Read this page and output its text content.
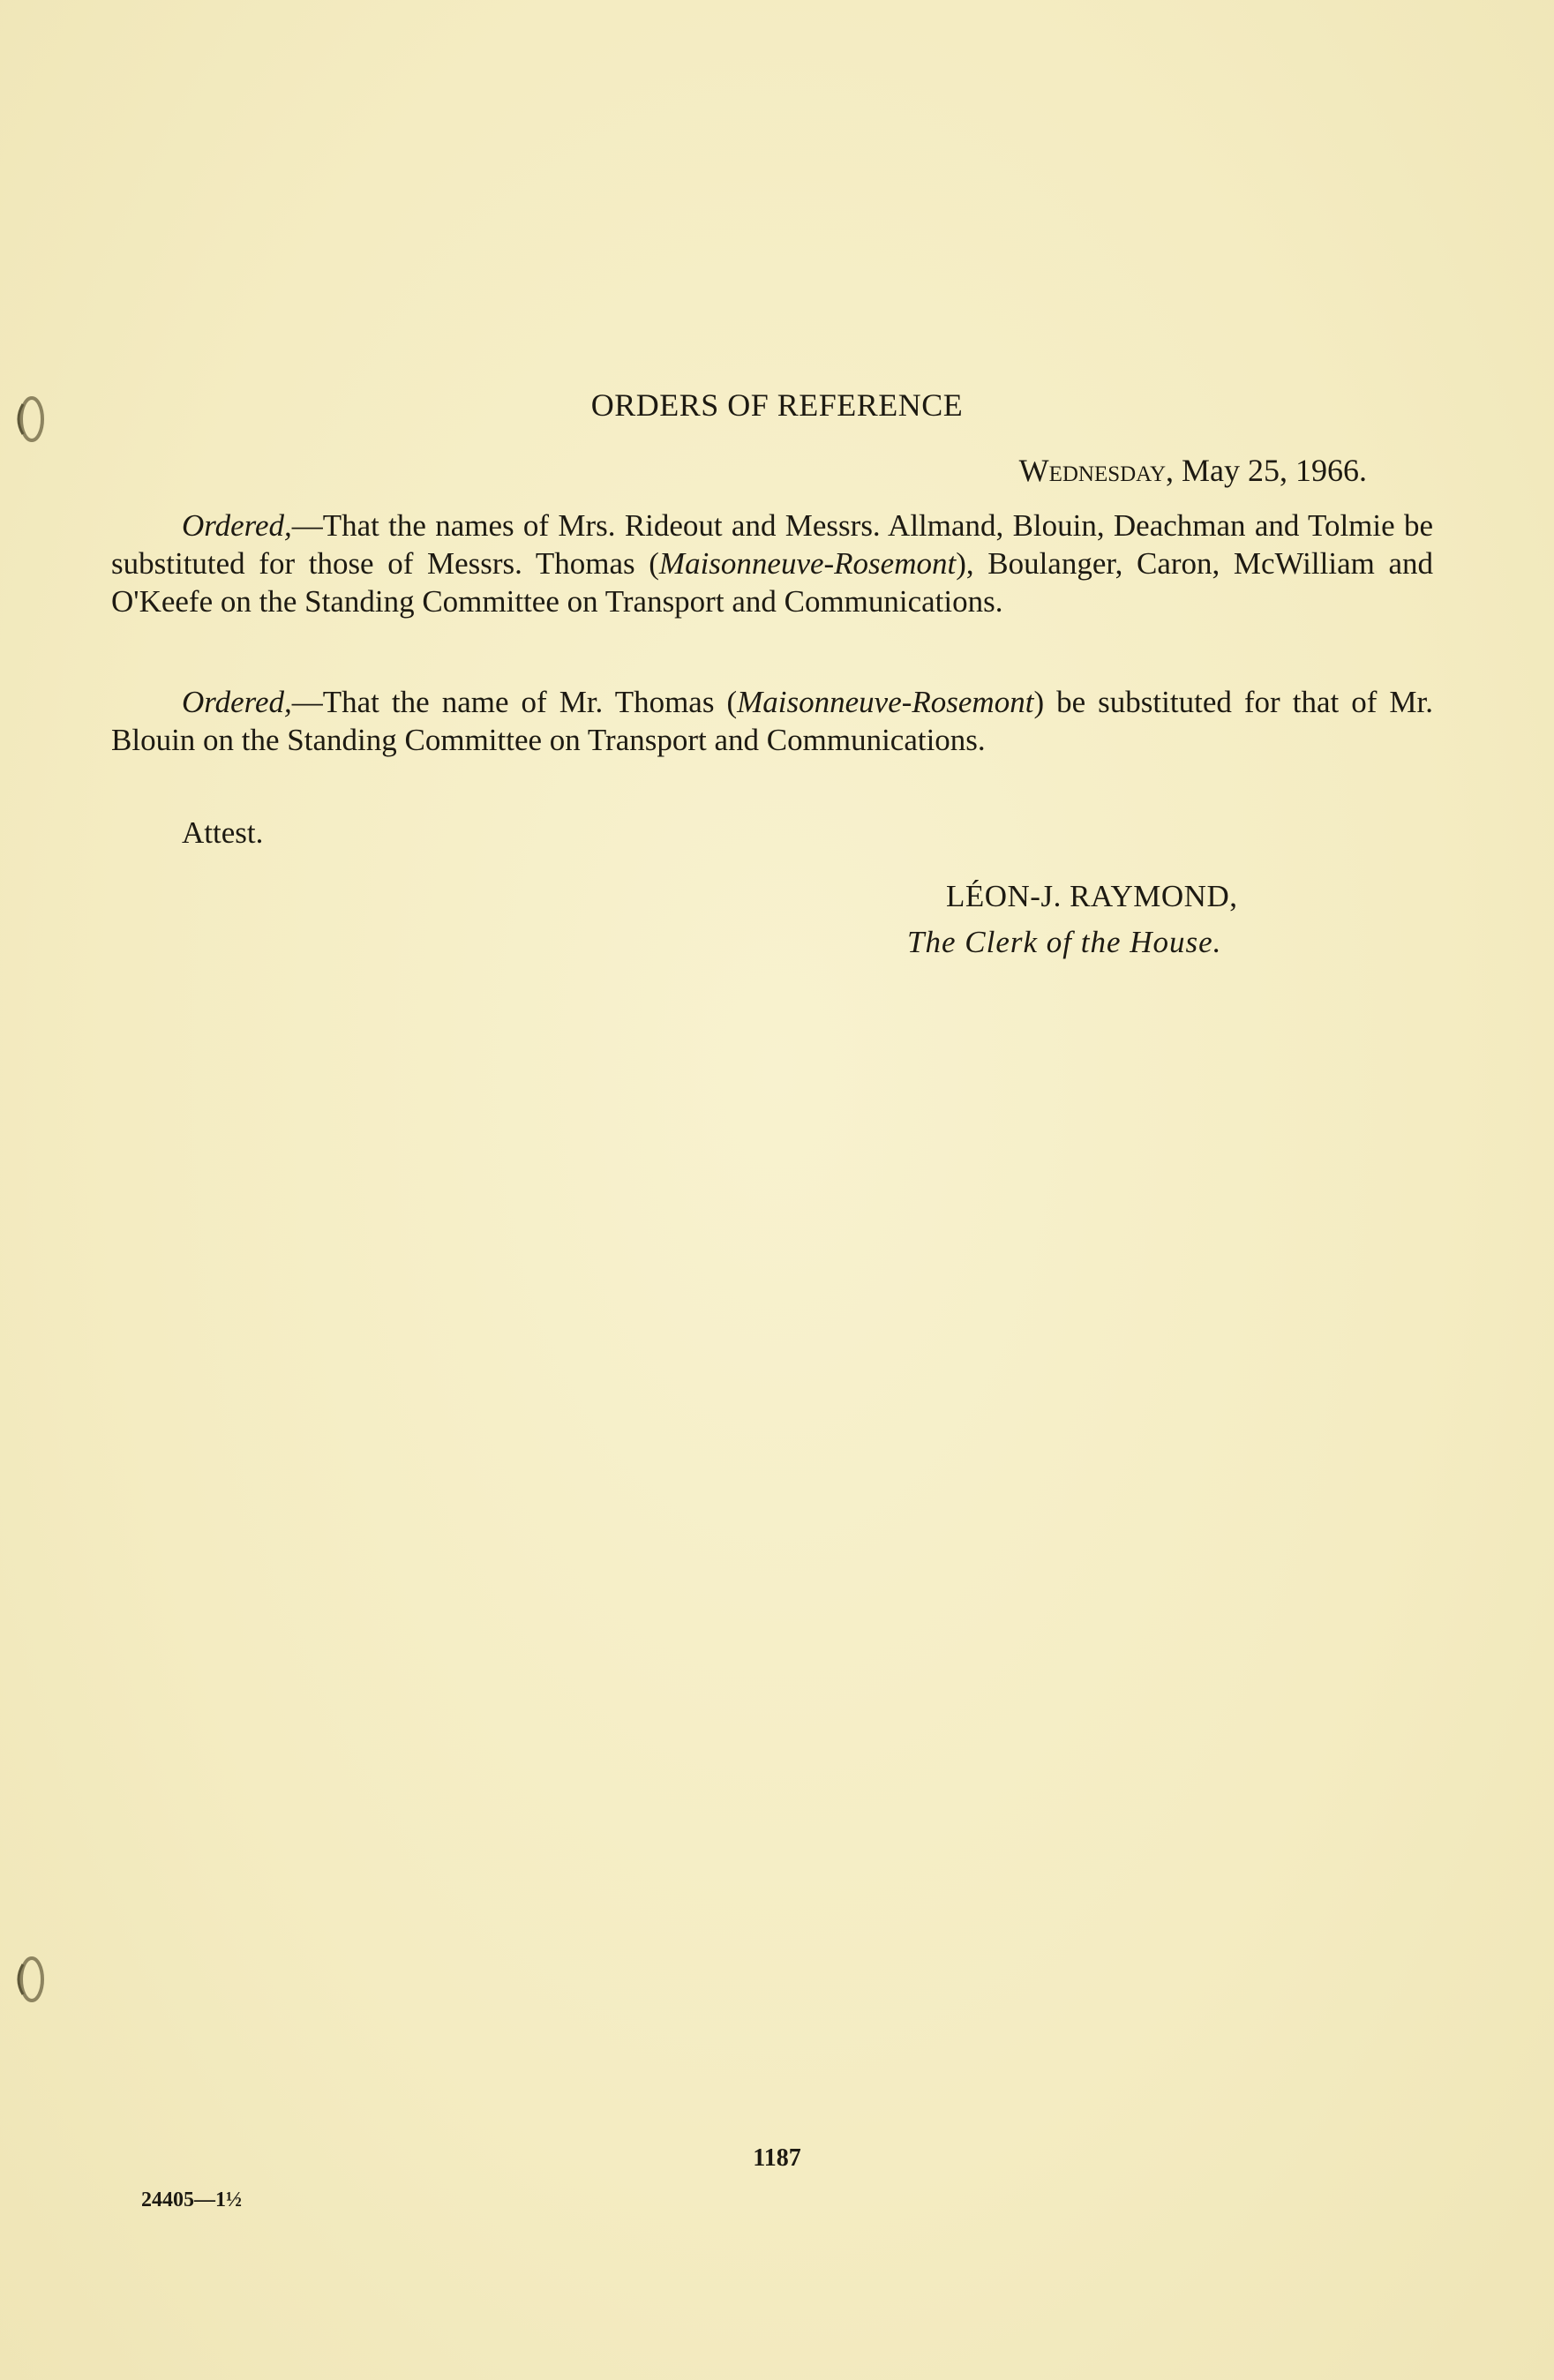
ORDERS OF REFERENCE
Wednesday, May 25, 1966.

Ordered,—That the names of Mrs. Rideout and Messrs. Allmand, Blouin, Deachman and Tolmie be substituted for those of Messrs. Thomas (Maisonneuve-Rosemont), Boulanger, Caron, McWilliam and O'Keefe on the Standing Committee on Transport and Communications.

Ordered,—That the name of Mr. Thomas (Maisonneuve-Rosemont) be substituted for that of Mr. Blouin on the Standing Committee on Transport and Communications.

Attest.
LÉON-J. RAYMOND,
The Clerk of the House.
1187
24405—1½
